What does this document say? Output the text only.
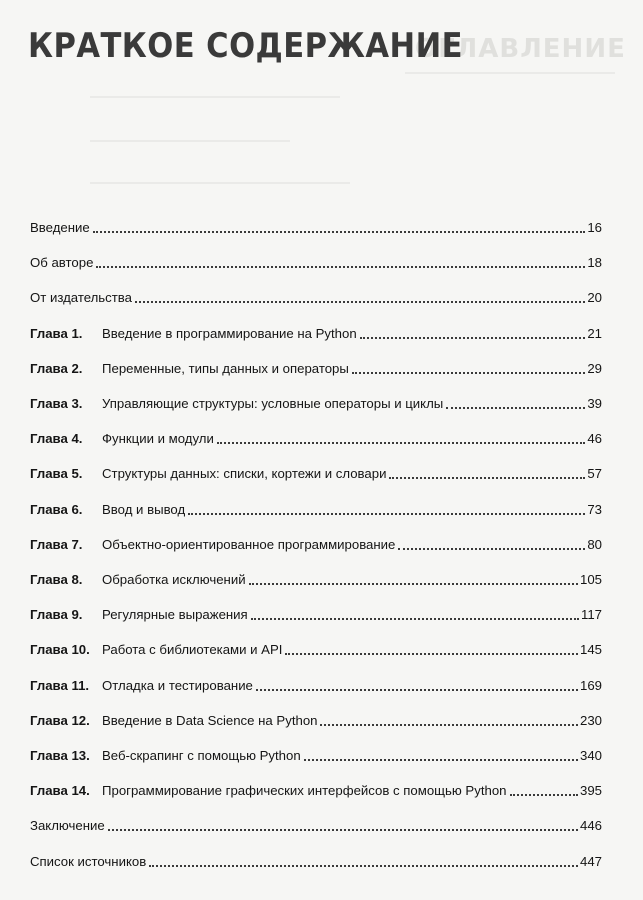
ОГЛАВЛЕНИЕ
КРАТКОЕ СОДЕРЖАНИЕ
Введение	16
Об авторе	18
От издательства	20
Глава 1.	Введение в программирование на Python	21
Глава 2.	Переменные, типы данных и операторы	29
Глава 3.	Управляющие структуры: условные операторы и циклы	39
Глава 4.	Функции и модули	46
Глава 5.	Структуры данных: списки, кортежи и словари	57
Глава 6.	Ввод и вывод	73
Глава 7.	Объектно-ориентированное программирование	80
Глава 8.	Обработка исключений	105
Глава 9.	Регулярные выражения	117
Глава 10. Работа с библиотеками и API	145
Глава 11. Отладка и тестирование	169
Глава 12. Введение в Data Science на Python	230
Глава 13. Веб-скрапинг с помощью Python	340
Глава 14. Программирование графических интерфейсов с помощью Python	395
Заключение	446
Список источников	447
